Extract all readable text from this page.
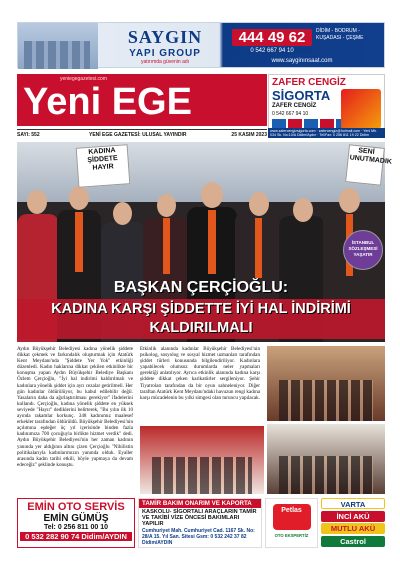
SAYGIN
YAPI GROUP
yatırımda güvenin adı
444 49 62
0 542 667 94 10
DİDİM - BODRUM - KUŞADASI - ÇEŞME
www.sayginınsaat.com
Yeni EGE
yeniegegazetesi.com	ZAFER CENGİZ
SİGORTA
ZAFER CENGİZ
0 542 667 94 10
www.zafercengizsigorta.com · zafercengiz@hotmail.com · Yeni Mh. 034 Sk. No:10/A Didim/Aydın · Tel/Fax: 0 256 811 19 22 Didim
SAYI: 552	YENİ EGE GAZETESİ: ULUSAL YAYINDIR	25 KASIM 2023
KADINA ŞİDDETE HAYIR
SENİ UNUTMADIK
İSTANBUL SÖZLEŞMESİ YAŞATIR
BAŞKAN ÇERÇİOĞLU:
KADINA KARŞI ŞİDDETTE İYİ HAL İNDİRİMİ KALDIRILMALI
Aydın Büyükşehir Belediyesi kadına yönelik şiddete dikkat çekmek ve farkındalık oluşturmak için Atatürk Kent Meydanı'nda "Şiddete Yer Yok" etkinliği düzenledi. Kadın haklarına dikkat çekilen etkinlikte bir konuşma yapan Aydın Büyükşehir Belediye Başkanı Özlem Çerçioğlu, "İyi hal indirimi kaldırılmalı ve kadınlara yönelik şiddet için ayrı cezalar getirilmeli. Her gün kadınlar öldürülüyor, bu kabul edilebilir değil. Yasaların daha da ağırlaştırılması gerekiyor" ifadelerini kullandı. Çerçioğlu, kadına yönelik şiddete en yüksek seviyede "Hayır" dediklerini belirterek, "Bu yılın ilk 10 ayında rakamlar korkunç. 348 kadınımız maalesef erkekler tarafından öldürüldü. Büyükşehir Belediyesi'nin açılımına eşdeğer üç yıl içerisinde binden fazla kadınımıza 700 çocuğuyla birlikte hizmet verdik" dedi. Aydın Büyükşehir Belediyesi'nin her zaman kadının yanında yer aldığının altını çizen Çerçioğlu "Nihilistin politikalarıyla kadınlarımızın yanında olduk. Eyaller arasında kadın tarihi etkili, böyle yapmaya da devam edeceğiz" şeklinde konuştu.
Etkinlik alanında kadınlar Büyükşehir Belediyesi'nin psikolog, sosyolog ve sosyal hizmet uzmanları tarafından şiddet türleri konusunda bilgilendiriliyor. Kadınlara yapabilecek olumsuz durumlarda neler yapmaları gerektiği anlatılıyor. Ayrıca etkinlik alanında kadına karşı şiddete dikkat çeken karikatürler sergileniyor. Şehir Tiyatroları tarafından da bir oyun sahneleniyor. Diğer taraftan Atatürk Kent Meydanı'ndaki havuzun rengi kadına karşı mücadelenin bu yılki simgesi olan turuncu yapılacak.
EMİN OTO SERVİS
EMİN GÜMÜŞ
Tel: 0 256 811 00 10
0 532 282 90 74 Didim/AYDIN
TAMİR BAKIM ONARIM VE KAPORTA
KASKOLU- SİGORTALI ARAÇLARIN TAMİR VE TAKİBİ VİZE ÖNCESİ BAKIMLARI YAPILIR
Cumhuriyet Mah. Cumhuriyet Cad. 1167 Sk. No: 28/A 15. Yıl San. Sitesi Gsm: 0 532 242 37 82 Didim/AYDIN
Petlas
OTO EKSPERTİZ
VARTA
İNCİ AKÜ
MUTLU AKÜ
Castrol
